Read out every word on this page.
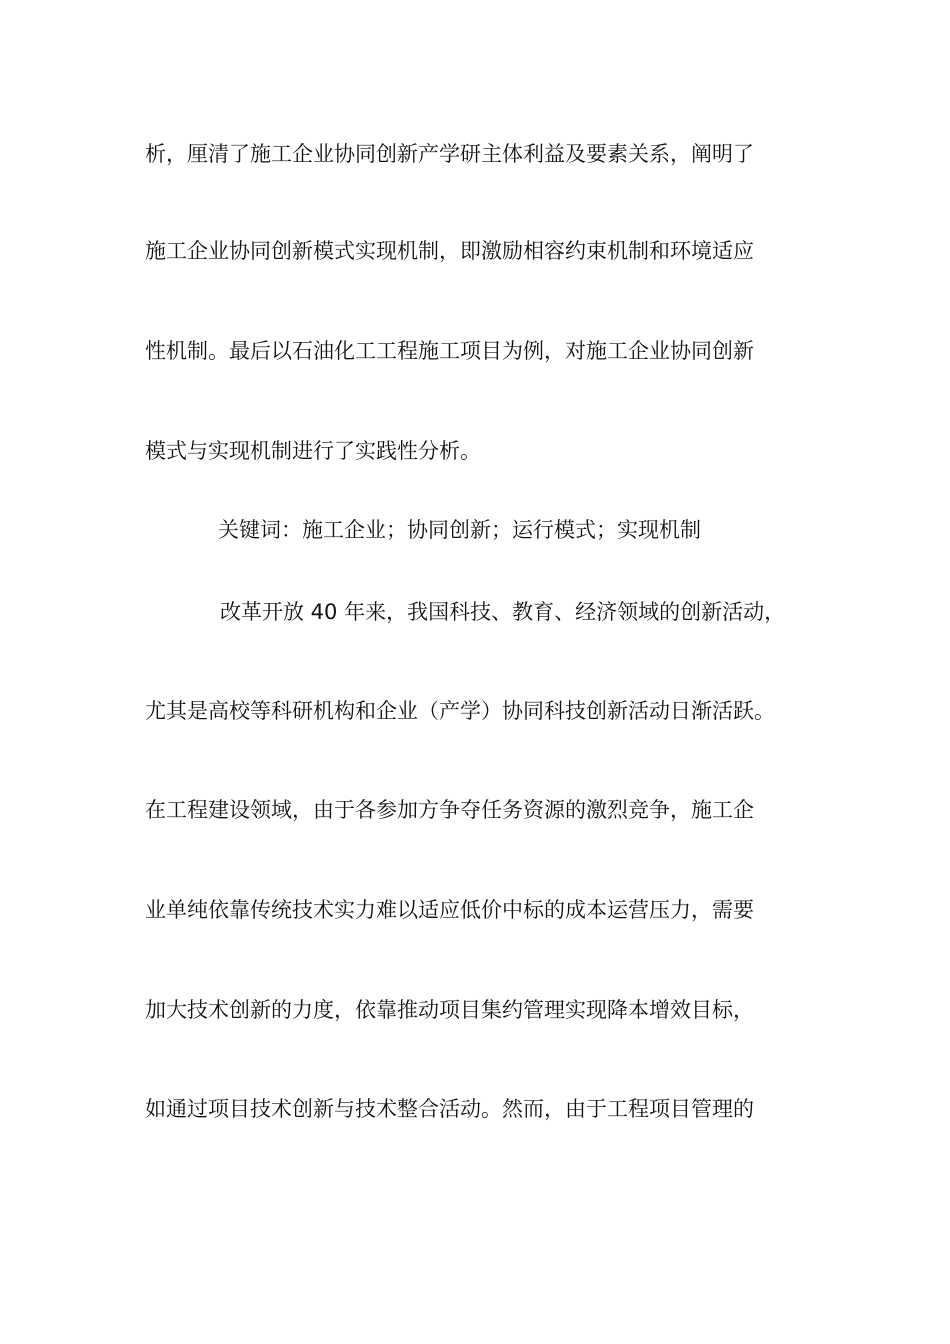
析，厘清了施工企业协同创新产学研主体利益及要素关系，阐明了
施工企业协同创新模式实现机制，即激励相容约束机制和环境适应
性机制。最后以石油化工工程施工项目为例，对施工企业协同创新
模式与实现机制进行了实践性分析。
关键词：施工企业；协同创新；运行模式；实现机制
改革开放 40 年来，我国科技、教育、经济领域的创新活动，
尤其是高校等科研机构和企业（产学）协同科技创新活动日渐活跃。
在工程建设领域，由于各参加方争夺任务资源的激烈竞争，施工企
业单纯依靠传统技术实力难以适应低价中标的成本运营压力，需要
加大技术创新的力度，依靠推动项目集约管理实现降本增效目标，
如通过项目技术创新与技术整合活动。然而，由于工程项目管理的
